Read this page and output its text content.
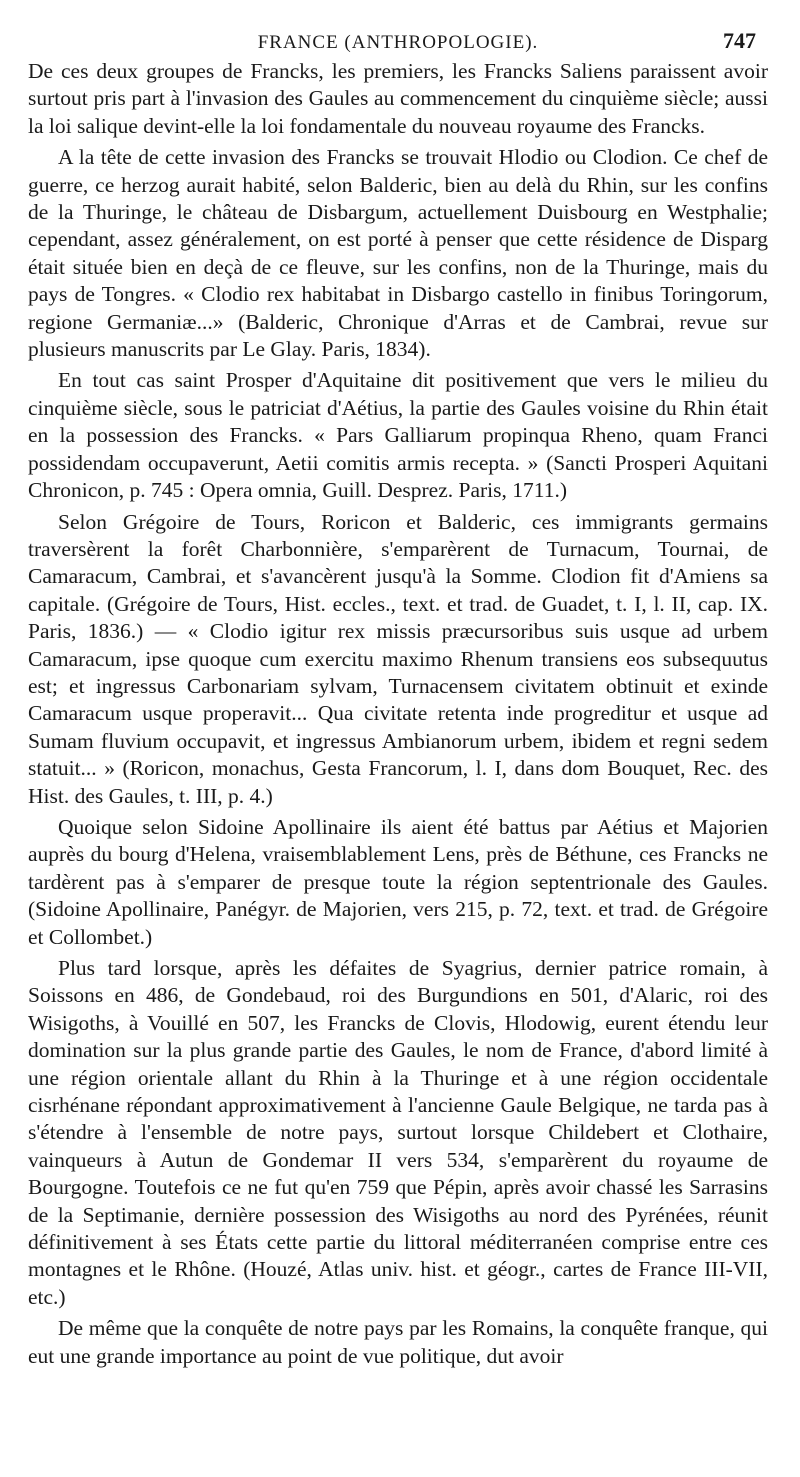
FRANCE (ANTHROPOLOGIE).	747

De ces deux groupes de Francks, les premiers, les Francks Saliens paraissent avoir surtout pris part à l'invasion des Gaules au commencement du cinquième siècle; aussi la loi salique devint-elle la loi fondamentale du nouveau royaume des Francks.

A la tête de cette invasion des Francks se trouvait Hlodio ou Clodion. Ce chef de guerre, ce herzog aurait habité, selon Balderic, bien au delà du Rhin, sur les confins de la Thuringe, le château de Disbargum, actuellement Duisbourg en Westphalie; cependant, assez généralement, on est porté à penser que cette résidence de Disparg était située bien en deçà de ce fleuve, sur les confins, non de la Thuringe, mais du pays de Tongres. « Clodio rex habitabat in Disbargo castello in finibus Toringorum, regione Germaniæ...» (Balderic, Chronique d'Arras et de Cambrai, revue sur plusieurs manuscrits par Le Glay. Paris, 1834).

En tout cas saint Prosper d'Aquitaine dit positivement que vers le milieu du cinquième siècle, sous le patriciat d'Aétius, la partie des Gaules voisine du Rhin était en la possession des Francks. « Pars Galliarum propinqua Rheno, quam Franci possidendam occupaverunt, Aetii comitis armis recepta. » (Sancti Prosperi Aquitani Chronicon, p. 745 : Opera omnia, Guill. Desprez. Paris, 1711.)

Selon Grégoire de Tours, Roricon et Balderic, ces immigrants germains traversèrent la forêt Charbonnière, s'emparèrent de Turnacum, Tournai, de Camaracum, Cambrai, et s'avancèrent jusqu'à la Somme. Clodion fit d'Amiens sa capitale. (Grégoire de Tours, Hist. eccles., text. et trad. de Guadet, t. I, l. II, cap. IX. Paris, 1836.) — « Clodio igitur rex missis præcursoribus suis usque ad urbem Camaracum, ipse quoque cum exercitu maximo Rhenum transiens eos subsequutus est; et ingressus Carbonariam sylvam, Turnacensem civitatem obtinuit et exinde Camaracum usque properavit... Qua civitate retenta inde progreditur et usque ad Sumam fluvium occupavit, et ingressus Ambianorum urbem, ibidem et regni sedem statuit... » (Roricon, monachus, Gesta Francorum, l. I, dans dom Bouquet, Rec. des Hist. des Gaules, t. III, p. 4.)

Quoique selon Sidoine Apollinaire ils aient été battus par Aétius et Majorien auprès du bourg d'Helena, vraisemblablement Lens, près de Béthune, ces Francks ne tardèrent pas à s'emparer de presque toute la région septentrionale des Gaules. (Sidoine Apollinaire, Panégyr. de Majorien, vers 215, p. 72, text. et trad. de Grégoire et Collombet.)

Plus tard lorsque, après les défaites de Syagrius, dernier patrice romain, à Soissons en 486, de Gondebaud, roi des Burgundions en 501, d'Alaric, roi des Wisigoths, à Vouillé en 507, les Francks de Clovis, Hlodowig, eurent étendu leur domination sur la plus grande partie des Gaules, le nom de France, d'abord limité à une région orientale allant du Rhin à la Thuringe et à une région occidentale cisrhénane répondant approximativement à l'ancienne Gaule Belgique, ne tarda pas à s'étendre à l'ensemble de notre pays, surtout lorsque Childebert et Clothaire, vainqueurs à Autun de Gondemar II vers 534, s'emparèrent du royaume de Bourgogne. Toutefois ce ne fut qu'en 759 que Pépin, après avoir chassé les Sarrasins de la Septimanie, dernière possession des Wisigoths au nord des Pyrénées, réunit définitivement à ses États cette partie du littoral méditerranéen comprise entre ces montagnes et le Rhône. (Houzé, Atlas univ. hist. et géogr., cartes de France III-VII, etc.)

De même que la conquête de notre pays par les Romains, la conquête franque, qui eut une grande importance au point de vue politique, dut avoir
